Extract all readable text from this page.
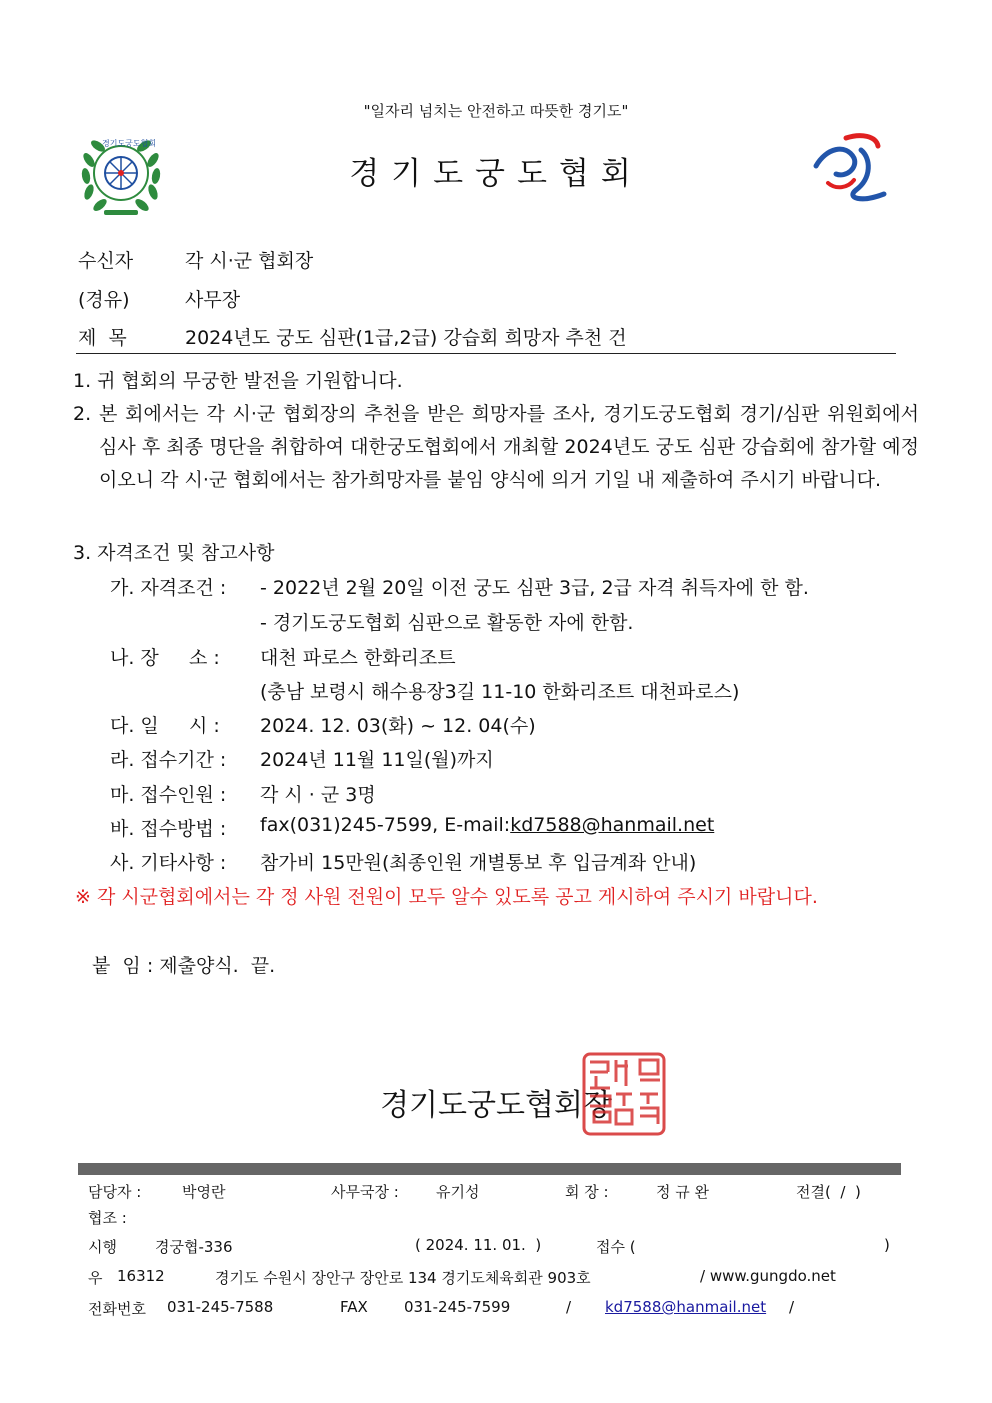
"일자리 넘치는 안전하고 따뜻한 경기도"
경기도궁도협회
경기도궁도협회
수신자	각 시·군 협회장
(경유)	사무장
제  목	2024년도 궁도 심판(1급,2급) 강습회 희망자 추천 건
1. 귀 협회의 무궁한 발전을 기원합니다.
2. 본 회에서는 각 시·군 협회장의 추천을 받은 희망자를 조사, 경기도궁도협회 경기/심판 위원회에서 심사 후 최종 명단을 취합하여 대한궁도협회에서 개최할 2024년도 궁도 심판 강습회에 참가할 예정이오니 각 시·군 협회에서는 참가희망자를 붙임 양식에 의거 기일 내 제출하여 주시기 바랍니다.
3. 자격조건 및 참고사항
가. 자격조건 : - 2022년 2월 20일 이전 궁도 심판 3급, 2급 자격 취득자에 한 함.
- 경기도궁도협회 심판으로 활동한 자에 한함.
나. 장     소 : 대천 파로스 한화리조트
(충남 보령시 해수용장3길 11-10 한화리조트 대천파로스)
다. 일     시 : 2024. 12. 03(화) ~ 12. 04(수)
라. 접수기간 : 2024년 11월 11일(월)까지
마. 접수인원 : 각 시 · 군 3명
바. 접수방법 : fax(031)245-7599, E-mail:kd7588@hanmail.net
사. 기타사항 : 참가비 15만원(최종인원 개별통보 후 입금계좌 안내)
※ 각 시군협회에서는 각 정 사원 전원이 모두 알수 있도록 공고 게시하여 주시기 바랍니다.
붙  임 : 제출양식.  끝.
경기도궁도협회장
담당자 :	박영란	사무국장 : 유기성	회 장 :	정 규 완	전결(  /  )
협조 :
시행	경궁협-336	( 2024. 11. 01.  )	접수 (	)
우 16312	경기도 수원시 장안구 장안로 134 경기도체육회관 903호	/ www.gungdo.net
전화번호 031-245-7588	FAX 031-245-7599	/ kd7588@hanmail.net /
